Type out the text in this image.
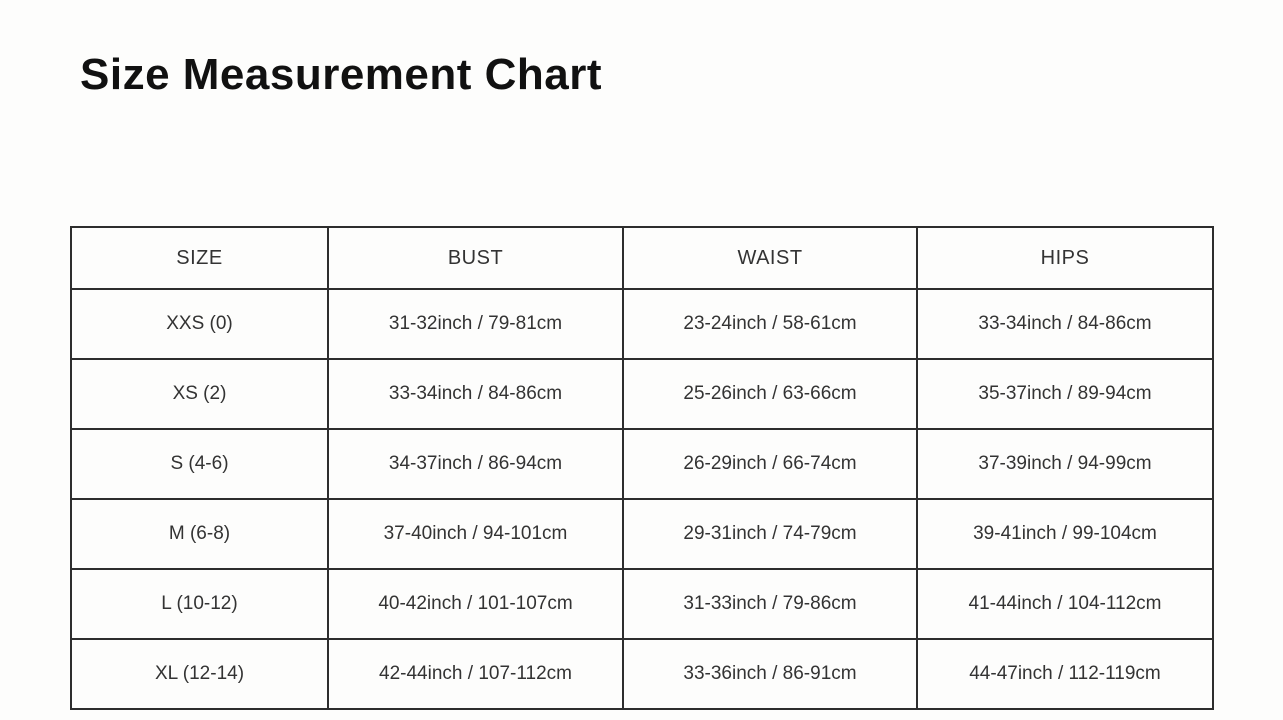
Size Measurement Chart
SIZE	BUST	WAIST	HIPS
XXS (0)	31-32inch / 79-81cm	23-24inch / 58-61cm	33-34inch / 84-86cm
XS (2)	33-34inch / 84-86cm	25-26inch / 63-66cm	35-37inch / 89-94cm
S (4-6)	34-37inch / 86-94cm	26-29inch / 66-74cm	37-39inch / 94-99cm
M (6-8)	37-40inch / 94-101cm	29-31inch / 74-79cm	39-41inch / 99-104cm
L (10-12)	40-42inch / 101-107cm	31-33inch / 79-86cm	41-44inch / 104-112cm
XL (12-14)	42-44inch / 107-112cm	33-36inch / 86-91cm	44-47inch / 112-119cm
